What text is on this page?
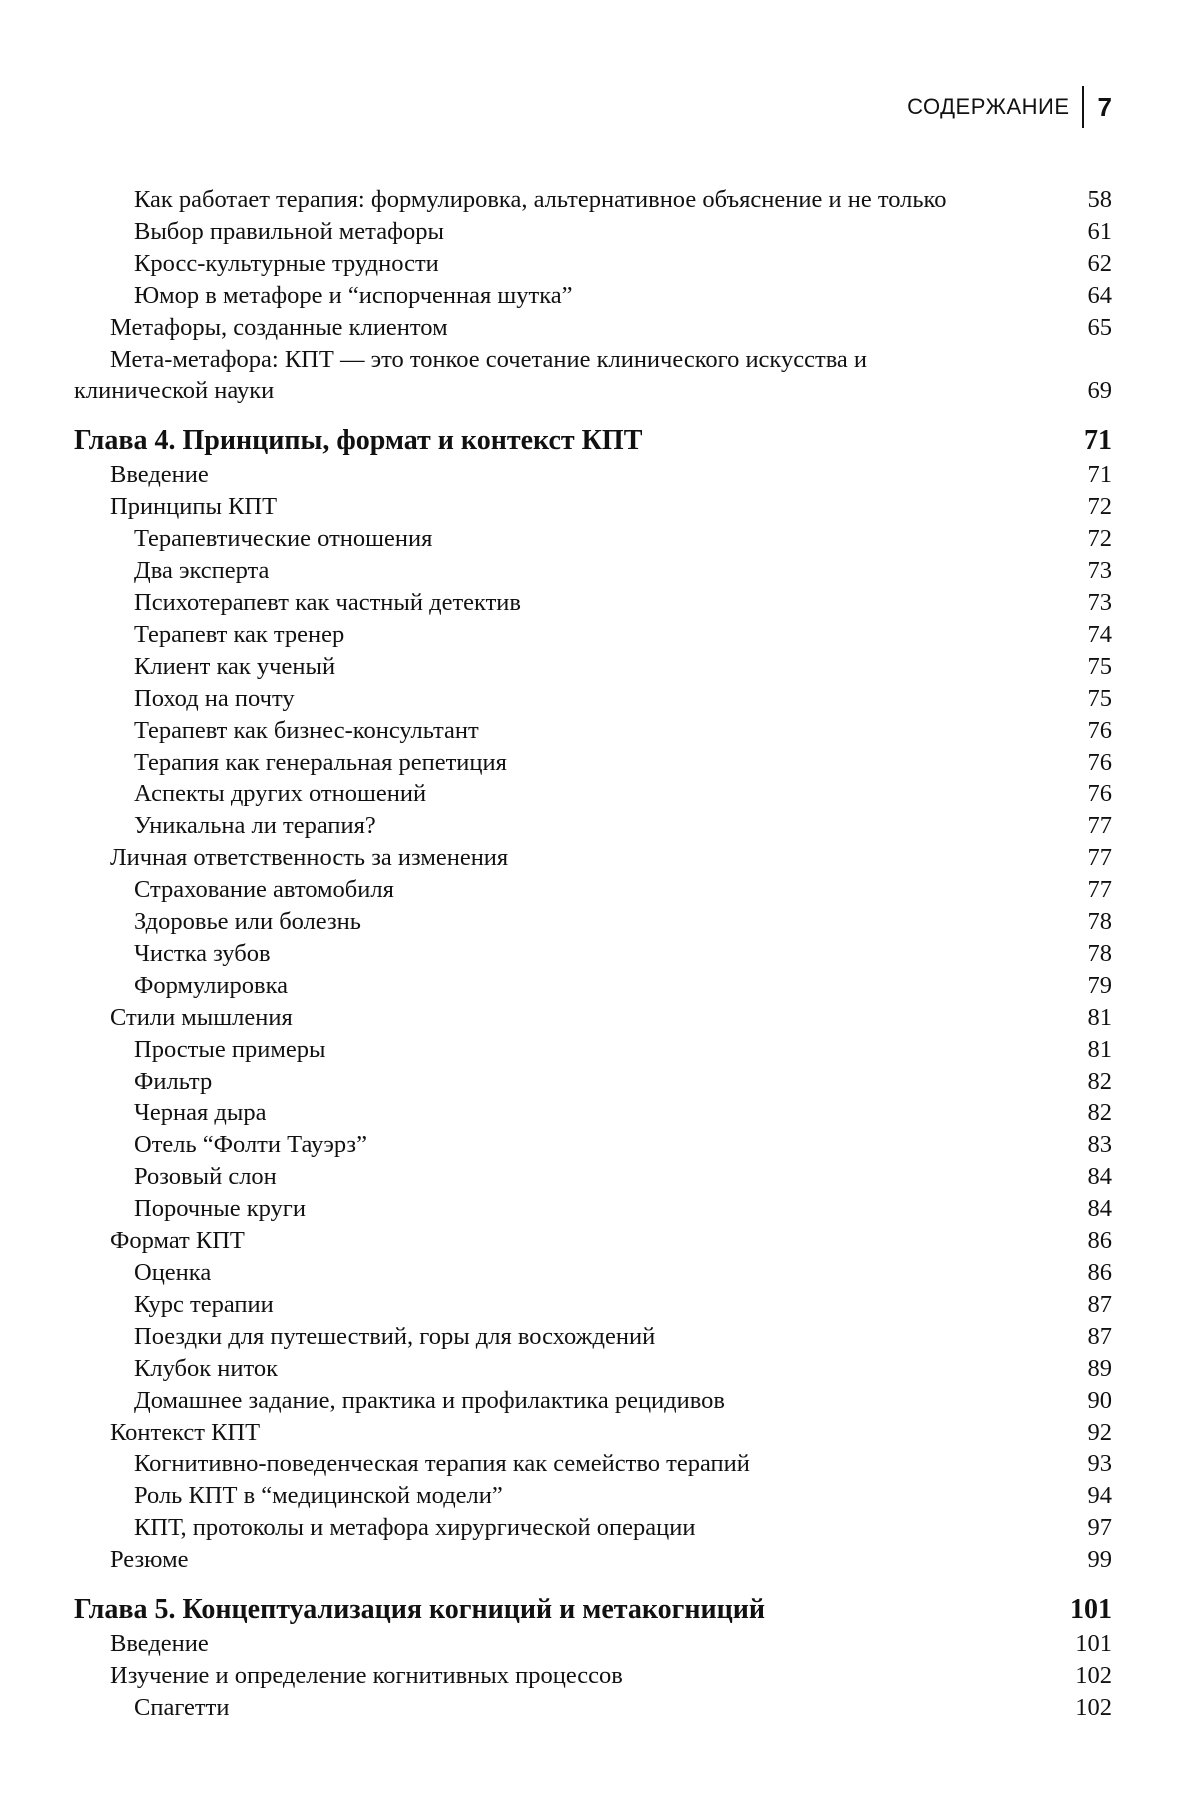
СОДЕРЖАНИЕ 7
Как работает терапия: формулировка, альтернативное объяснение и не только	58
Выбор правильной метафоры	61
Кросс-культурные трудности	62
Юмор в метафоре и “испорченная шутка”	64
Метафоры, созданные клиентом	65
Мета-метафора: КПТ — это тонкое сочетание клинического искусства и
клинической науки	69
Глава 4. Принципы, формат и контекст КПТ	71
Введение	71
Принципы КПТ	72
Терапевтические отношения	72
Два эксперта	73
Психотерапевт как частный детектив	73
Терапевт как тренер	74
Клиент как ученый	75
Поход на почту	75
Терапевт как бизнес-консультант	76
Терапия как генеральная репетиция	76
Аспекты других отношений	76
Уникальна ли терапия?	77
Личная ответственность за изменения	77
Страхование автомобиля	77
Здоровье или болезнь	78
Чистка зубов	78
Формулировка	79
Стили мышления	81
Простые примеры	81
Фильтр	82
Черная дыра	82
Отель “Фолти Тауэрз”	83
Розовый слон	84
Порочные круги	84
Формат КПТ	86
Оценка	86
Курс терапии	87
Поездки для путешествий, горы для восхождений	87
Клубок ниток	89
Домашнее задание, практика и профилактика рецидивов	90
Контекст КПТ	92
Когнитивно-поведенческая терапия как семейство терапий	93
Роль КПТ в “медицинской модели”	94
КПТ, протоколы и метафора хирургической операции	97
Резюме	99
Глава 5. Концептуализация когниций и метакогниций	101
Введение	101
Изучение и определение когнитивных процессов	102
Спагетти	102
